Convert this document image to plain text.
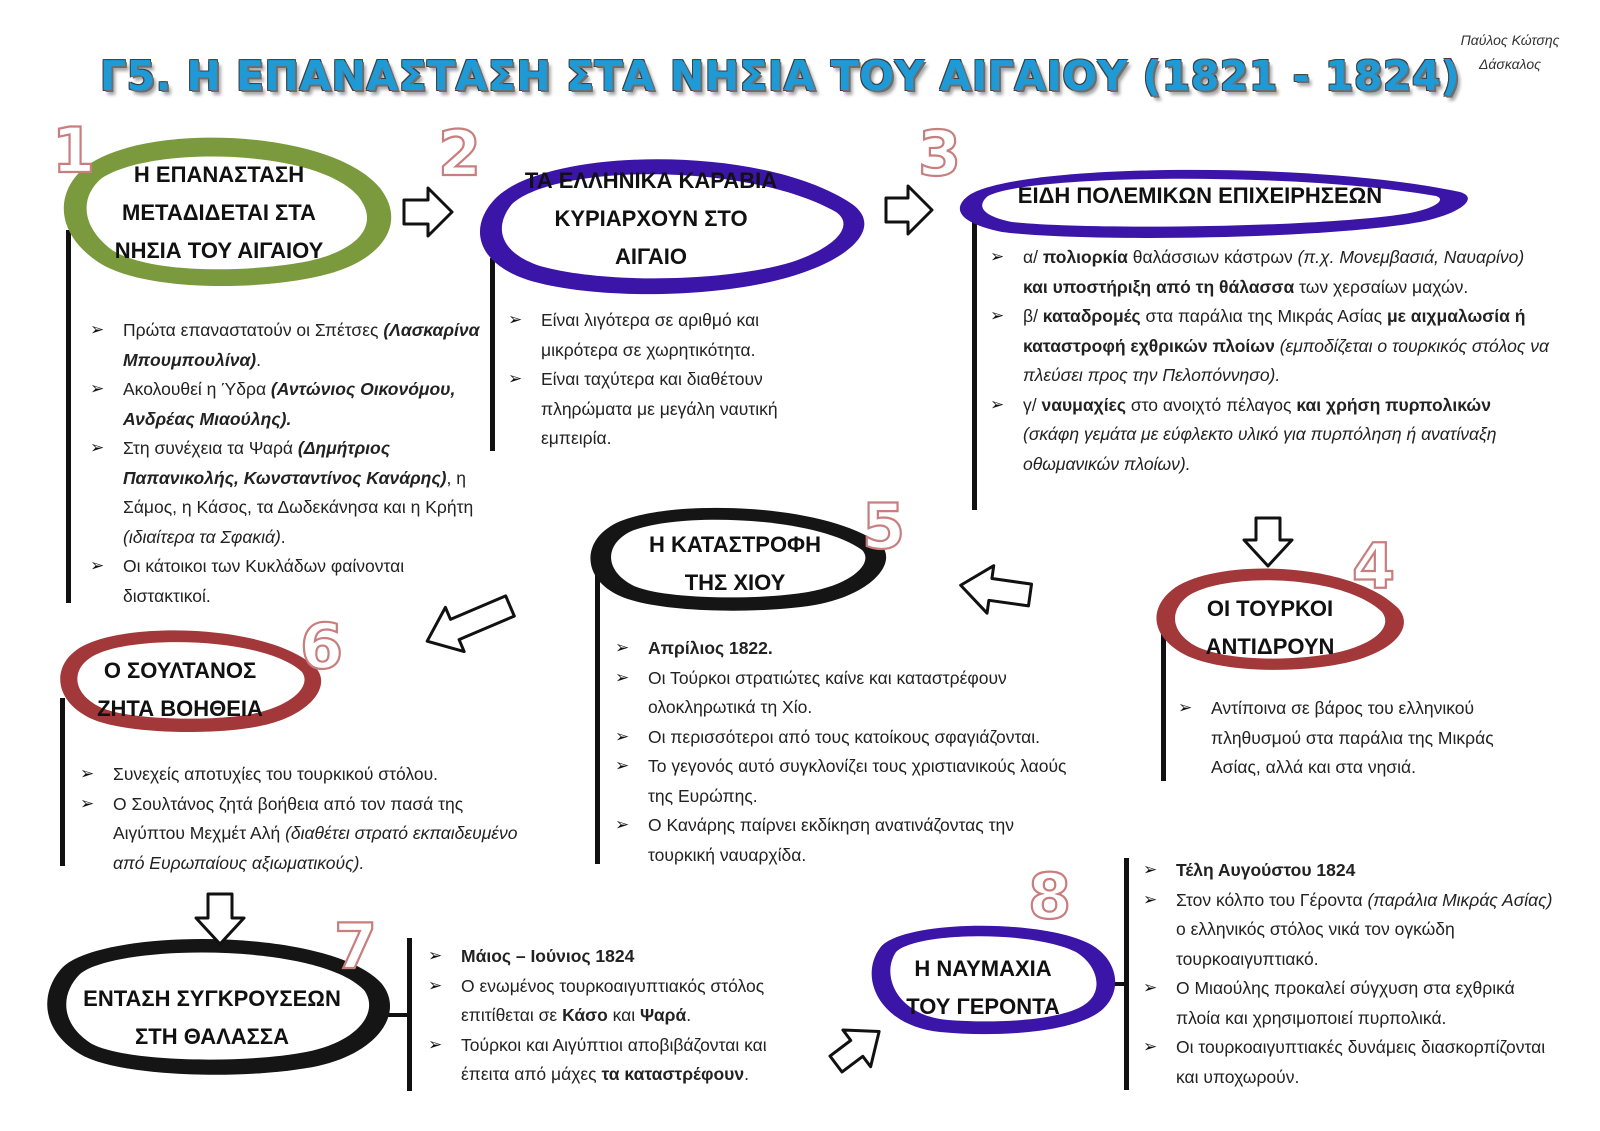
Παύλος Κώτσης
Δάσκαλος
Γ5. Η ΕΠΑΝΑΣΤΑΣΗ ΣΤΑ ΝΗΣΙΑ ΤΟΥ ΑΙΓΑΙΟΥ (1821 - 1824)
1	2	3
4
5
6
7
8
Η ΕΠΑΝΑΣΤΑΣΗ
ΜΕΤΑΔΙΔΕΤΑΙ ΣΤΑ
ΝΗΣΙΑ ΤΟΥ ΑΙΓΑΙΟΥ
ΤΑ ΕΛΛΗΝΙΚΑ ΚΑΡΑΒΙΑ
ΚΥΡΙΑΡΧΟΥΝ ΣΤΟ
ΑΙΓΑΙΟ
ΕΙΔΗ ΠΟΛΕΜΙΚΩΝ ΕΠΙΧΕΙΡΗΣΕΩΝ
ΟΙ ΤΟΥΡΚΟΙ
ΑΝΤΙΔΡΟΥΝ
Η ΚΑΤΑΣΤΡΟΦΗ
ΤΗΣ ΧΙΟΥ
Ο ΣΟΥΛΤΑΝΟΣ
ΖΗΤΑ ΒΟΗΘΕΙΑ
ΕΝΤΑΣΗ ΣΥΓΚΡΟΥΣΕΩΝ
ΣΤΗ ΘΑΛΑΣΣΑ
Η ΝΑΥΜΑΧΙΑ
ΤΟΥ ΓΕΡΟΝΤΑ
➢ Πρώτα επαναστατούν οι Σπέτσες (Λασκαρίνα Μπουμπουλίνα).
➢ Ακολουθεί η Ύδρα (Αντώνιος Οικονόμου, Ανδρέας Μιαούλης).
➢ Στη συνέχεια τα Ψαρά (Δημήτριος Παπανικολής, Κωνσταντίνος Κανάρης), η Σάμος, η Κάσος, τα Δωδεκάνησα και η Κρήτη (ιδιαίτερα τα Σφακιά).
➢ Οι κάτοικοι των Κυκλάδων φαίνονται διστακτικοί.
➢ Είναι λιγότερα σε αριθμό και μικρότερα σε χωρητικότητα.
➢ Είναι ταχύτερα και διαθέτουν πληρώματα με μεγάλη ναυτική εμπειρία.
➢ α/ πολιορκία θαλάσσιων κάστρων (π.χ. Μονεμβασιά, Ναυαρίνο) και υποστήριξη από τη θάλασσα των χερσαίων μαχών.
➢ β/ καταδρομές στα παράλια της Μικράς Ασίας με αιχμαλωσία ή καταστροφή εχθρικών πλοίων (εμποδίζεται ο τουρκικός στόλος να πλεύσει προς την Πελοπόννησο).
➢ γ/ ναυμαχίες στο ανοιχτό πέλαγος και χρήση πυρπολικών (σκάφη γεμάτα με εύφλεκτο υλικό για πυρπόληση ή ανατίναξη οθωμανικών πλοίων).
➢ Αντίποινα σε βάρος του ελληνικού πληθυσμού στα παράλια της Μικράς Ασίας, αλλά και στα νησιά.
➢ Απρίλιος 1822.
➢ Οι Τούρκοι στρατιώτες καίνε και καταστρέφουν ολοκληρωτικά τη Χίο.
➢ Οι περισσότεροι από τους κατοίκους σφαγιάζονται.
➢ Το γεγονός αυτό συγκλονίζει τους χριστιανικούς λαούς της Ευρώπης.
➢ Ο Κανάρης παίρνει εκδίκηση ανατινάζοντας την τουρκική ναυαρχίδα.
➢ Συνεχείς αποτυχίες του τουρκικού στόλου.
➢ Ο Σουλτάνος ζητά βοήθεια από τον πασά της Αιγύπτου Μεχμέτ Αλή (διαθέτει στρατό εκπαιδευμένο από Ευρωπαίους αξιωματικούς).
➢ Μάιος – Ιούνιος 1824
➢ Ο ενωμένος τουρκοαιγυπτιακός στόλος επιτίθεται σε Κάσο και Ψαρά.
➢ Τούρκοι και Αιγύπτιοι αποβιβάζονται και έπειτα από μάχες τα καταστρέφουν.
➢ Τέλη Αυγούστου 1824
➢ Στον κόλπο του Γέροντα (παράλια Μικράς Ασίας) ο ελληνικός στόλος νικά τον ογκώδη τουρκοαιγυπτιακό.
➢ Ο Μιαούλης προκαλεί σύγχυση στα εχθρικά πλοία και χρησιμοποιεί πυρπολικά.
➢ Οι τουρκοαιγυπτιακές δυνάμεις διασκορπίζονται και υποχωρούν.
